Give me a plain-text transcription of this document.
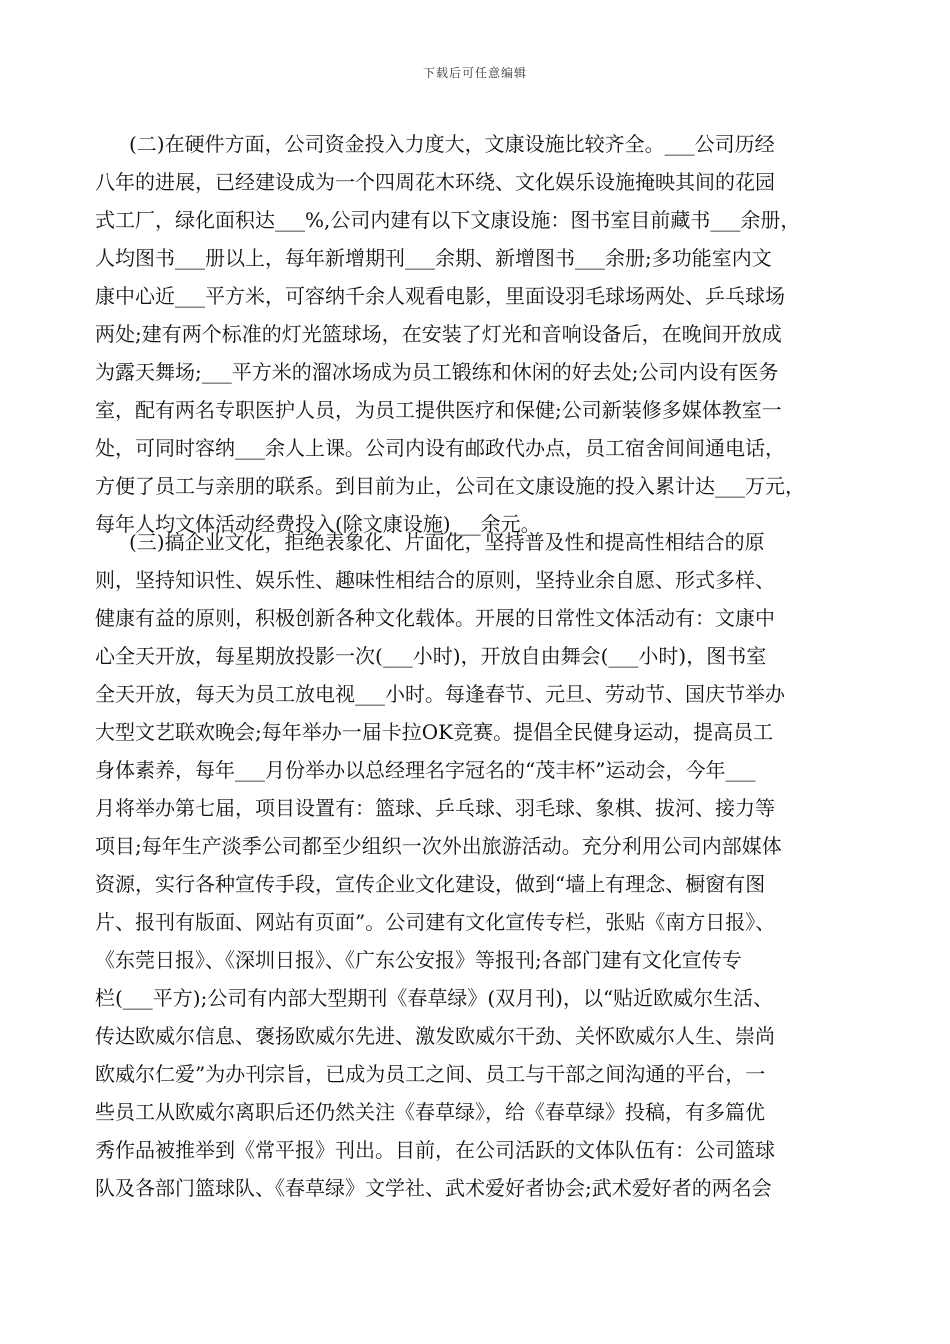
下载后可任意编辑
(二)在硬件方面，公司资金投入力度大，文康设施比较齐全。___公司历经
八年的进展，已经建设成为一个四周花木环绕、文化娱乐设施掩映其间的花园
式工厂，绿化面积达___%,公司内建有以下文康设施：图书室目前藏书___余册，
人均图书___册以上，每年新增期刊___余期、新增图书___余册;多功能室内文
康中心近___平方米，可容纳千余人观看电影，里面设羽毛球场两处、乒乓球场
两处;建有两个标准的灯光篮球场，在安装了灯光和音响设备后，在晚间开放成
为露天舞场;___平方米的溜冰场成为员工锻练和休闲的好去处;公司内设有医务
室，配有两名专职医护人员，为员工提供医疗和保健;公司新装修多媒体教室一
处，可同时容纳___余人上课。公司内设有邮政代办点，员工宿舍间间通电话，
方便了员工与亲朋的联系。到目前为止，公司在文康设施的投入累计达___万元，
每年人均文体活动经费投入(除文康设施)___余元。
(三)搞企业文化，拒绝表象化、片面化，坚持普及性和提高性相结合的原
则，坚持知识性、娱乐性、趣味性相结合的原则，坚持业余自愿、形式多样、
健康有益的原则，积极创新各种文化载体。开展的日常性文体活动有：文康中
心全天开放，每星期放投影一次(___小时)，开放自由舞会(___小时)，图书室
全天开放，每天为员工放电视___小时。每逢春节、元旦、劳动节、国庆节举办
大型文艺联欢晚会;每年举办一届卡拉OK竞赛。提倡全民健身运动，提高员工
身体素养，每年___月份举办以总经理名字冠名的“茂丰杯”运动会，今年___
月将举办第七届，项目设置有：篮球、乒乓球、羽毛球、象棋、拔河、接力等
项目;每年生产淡季公司都至少组织一次外出旅游活动。充分利用公司内部媒体
资源，实行各种宣传手段，宣传企业文化建设，做到“墙上有理念、橱窗有图
片、报刊有版面、网站有页面”。公司建有文化宣传专栏，张贴《南方日报》、
《东莞日报》、《深圳日报》、《广东公安报》等报刊;各部门建有文化宣传专
栏(___平方);公司有内部大型期刊《春草绿》(双月刊)，以“贴近欧威尔生活、
传达欧威尔信息、褒扬欧威尔先进、激发欧威尔干劲、关怀欧威尔人生、崇尚
欧威尔仁爱”为办刊宗旨，已成为员工之间、员工与干部之间沟通的平台，一
些员工从欧威尔离职后还仍然关注《春草绿》，给《春草绿》投稿，有多篇优
秀作品被推举到《常平报》刊出。目前，在公司活跃的文体队伍有：公司篮球
队及各部门篮球队、《春草绿》文学社、武术爱好者协会;武术爱好者的两名会
